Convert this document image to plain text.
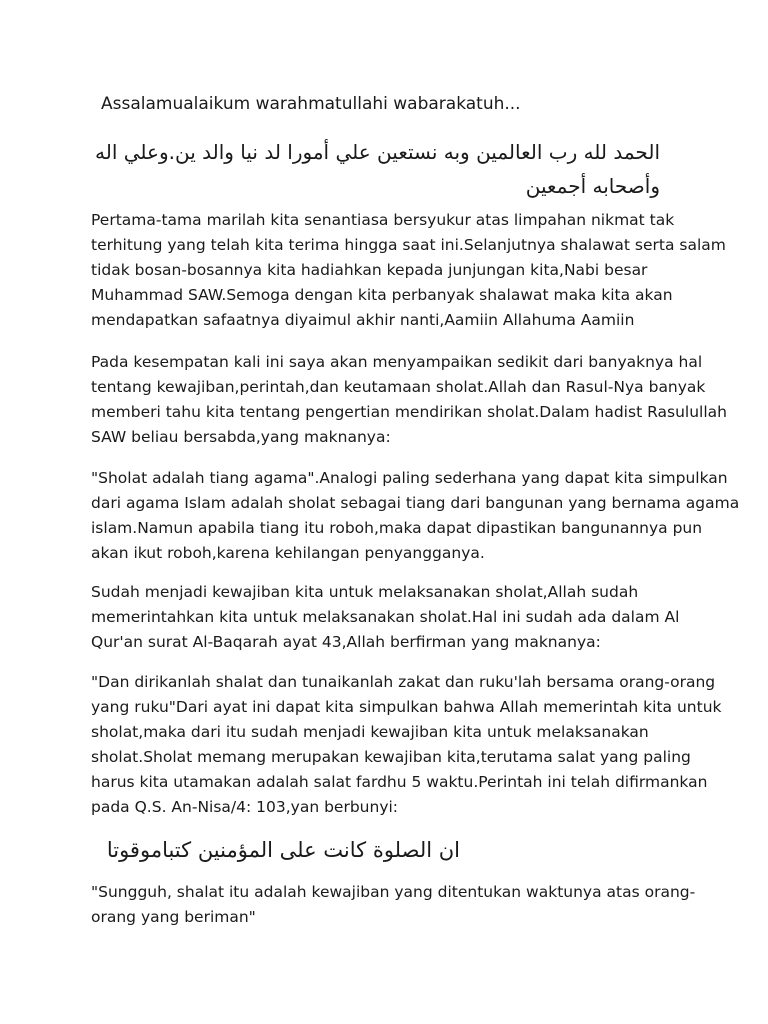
Assalamualaikum warahmatullahi wabarakatuh...
الحمد لله رب العالمين وبه نستعين علي أمورا لد نيا والد ين.وعلي اله وأصحابه أجمعين

Pertama-tama marilah kita senantiasa bersyukur atas limpahan nikmat tak
terhitung yang telah kita terima hingga saat ini.Selanjutnya shalawat serta salam
tidak bosan-bosannya kita hadiahkan kepada junjungan kita,Nabi besar
Muhammad SAW.Semoga dengan kita perbanyak shalawat maka kita akan
mendapatkan safaatnya diyaimul akhir nanti,Aamiin Allahuma Aamiin

Pada kesempatan kali ini saya akan menyampaikan sedikit dari banyaknya hal
tentang kewajiban,perintah,dan keutamaan sholat.Allah dan Rasul-Nya banyak
memberi tahu kita tentang pengertian mendirikan sholat.Dalam hadist Rasulullah
SAW beliau bersabda,yang maknanya:

"Sholat adalah tiang agama".Analogi paling sederhana yang dapat kita simpulkan
dari agama Islam adalah sholat sebagai tiang dari bangunan yang bernama agama
islam.Namun apabila tiang itu roboh,maka dapat dipastikan bangunannya pun
akan ikut roboh,karena kehilangan penyangganya.

Sudah menjadi kewajiban kita untuk melaksanakan sholat,Allah sudah
memerintahkan kita untuk melaksanakan sholat.Hal ini sudah ada dalam Al
Qur'an surat Al-Baqarah ayat 43,Allah berfirman yang maknanya:

"Dan dirikanlah shalat dan tunaikanlah zakat dan ruku'lah bersama orang-orang
yang ruku"Dari ayat ini dapat kita simpulkan bahwa Allah memerintah kita untuk
sholat,maka dari itu sudah menjadi kewajiban kita untuk melaksanakan
sholat.Sholat memang merupakan kewajiban kita,terutama salat yang paling
harus kita utamakan adalah salat fardhu 5 waktu.Perintah ini telah difirmankan
pada Q.S. An-Nisa/4: 103,yan berbunyi:

ان الصلوة كانت على المؤمنين كتباموقوتا

"Sungguh, shalat itu adalah kewajiban yang ditentukan waktunya atas orang-
orang yang beriman"
